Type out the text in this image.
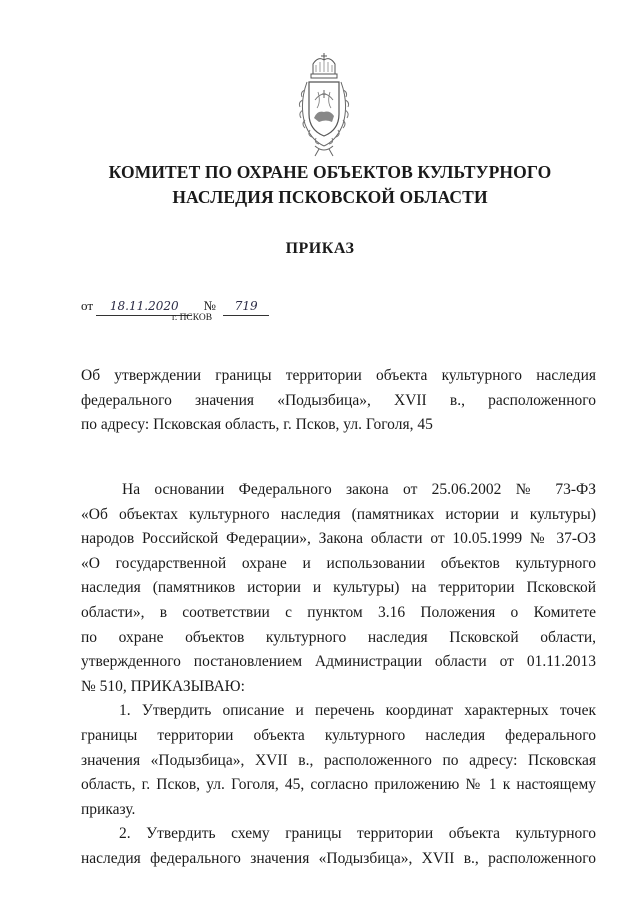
КОМИТЕТ ПО ОХРАНЕ ОБЪЕКТОВ КУЛЬТУРНОГО
НАСЛЕДИЯ ПСКОВСКОЙ ОБЛАСТИ
ПРИКАЗ
от 18.11.2020 № 719
г. ПСКОВ
Об утверждении границы территории объекта культурного наследия
федерального значения «Подызбица», XVII в., расположенного
по адресу: Псковская область, г. Псков, ул. Гоголя, 45
На основании Федерального закона от 25.06.2002 № 73-ФЗ
«Об объектах культурного наследия (памятниках истории и культуры)
народов Российской Федерации», Закона области от 10.05.1999 № 37-ОЗ
«О государственной охране и использовании объектов культурного
наследия (памятников истории и культуры) на территории Псковской
области», в соответствии с пунктом 3.16 Положения о Комитете
по охране объектов культурного наследия Псковской области,
утвержденного постановлением Администрации области от 01.11.2013
№ 510, ПРИКАЗЫВАЮ:
1. Утвердить описание и перечень координат характерных точек
границы территории объекта культурного наследия федерального
значения «Подызбица», XVII в., расположенного по адресу: Псковская
область, г. Псков, ул. Гоголя, 45, согласно приложению № 1 к настоящему
приказу.
2. Утвердить схему границы территории объекта культурного
наследия федерального значения «Подызбица», XVII в., расположенного
